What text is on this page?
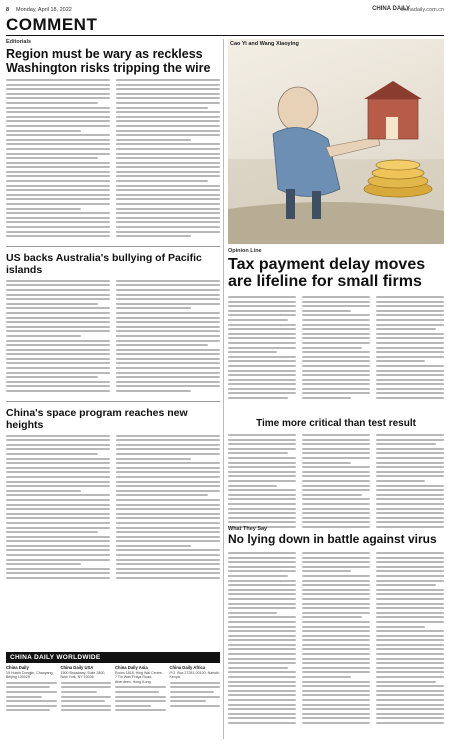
8 Monday, April 18, 2022	CHINA DAILY
chinadaily.com.cn
COMMENT
Editorials
Region must be wary as reckless Washington risks tripping the wire
US backs Australia's bullying of Pacific islands
China's space program reaches new heights
CHINA DAILY WORLDWIDE
China Daily
15 Huixin Dongjie, Chaoyang, Beijing 100029
China Daily USA
1500 Broadway, Suite 2800, New York, NY 10036
China Daily Asia
Room 1818, Hing Wai Centre, 7 Tin Wan Praya Road, Aberdeen, Hong Kong
China Daily Africa
P.O. Box 27281-00100, Nairobi, Kenya
Cao Yi and Wang Xiaoying
Opinion Line
Tax payment delay moves are lifeline for small firms
Time more critical than test result
What They Say
No lying down in battle against virus
